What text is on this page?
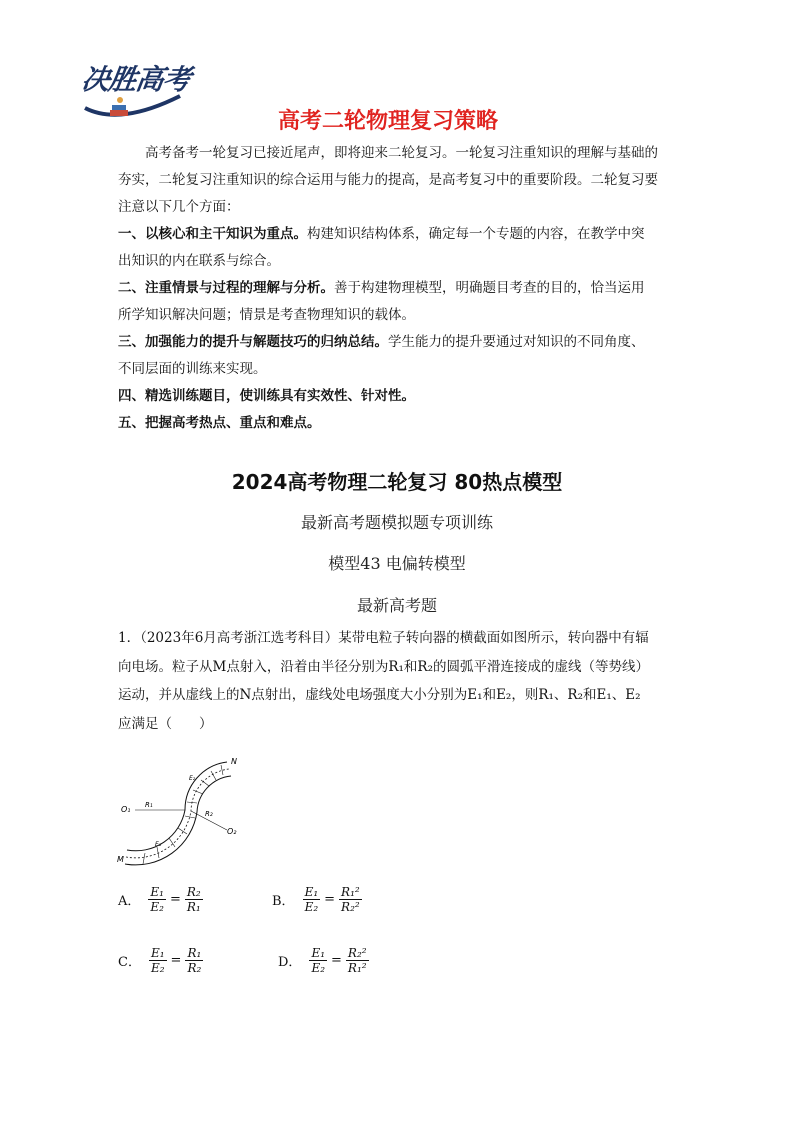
决胜高考
高考二轮物理复习策略

高考备考一轮复习已接近尾声，即将迎来二轮复习。一轮复习注重知识的理解与基础的

夯实，二轮复习注重知识的综合运用与能力的提高，是高考复习中的重要阶段。二轮复习要

注意以下几个方面：

一、以核心和主干知识为重点。构建知识结构体系，确定每一个专题的内容，在教学中突

出知识的内在联系与综合。

二、注重情景与过程的理解与分析。善于构建物理模型，明确题目考查的目的，恰当运用

所学知识解决问题；情景是考查物理知识的载体。

三、加强能力的提升与解题技巧的归纳总结。学生能力的提升要通过对知识的不同角度、

不同层面的训练来实现。

四、精选训练题目，使训练具有实效性、针对性。

五、把握高考热点、重点和难点。

2024高考物理二轮复习 80热点模型
最新高考题模拟题专项训练
模型43 电偏转模型
最新高考题

1．（2023年6月高考浙江选考科目）某带电粒子转向器的横截面如图所示，转向器中有辐

向电场。粒子从M点射入，沿着由半径分别为R₁和R₂的圆弧平滑连接成的虚线（等势线）

运动，并从虚线上的N点射出，虚线处电场强度大小分别为E₁和E₂，则R₁、R₂和E₁、E₂

应满足（　　）

N
M
O₁
O₂
R₁
R₂
E₁
E₂
A． $\frac{\text{E₁}}{\text{E₂}} = \frac{\text{R₂}}{\text{R₁}}$	B． $\frac{\text{E₁}}{\text{E₂}} = \frac{\text{R₁²}}{\text{R₂²}}$
C． $\frac{\text{E₁}}{\text{E₂}} = \frac{\text{R₁}}{\text{R₂}}$	D． $\frac{\text{E₁}}{\text{E₂}} = \frac{\text{R₂²}}{\text{R₁²}}$
